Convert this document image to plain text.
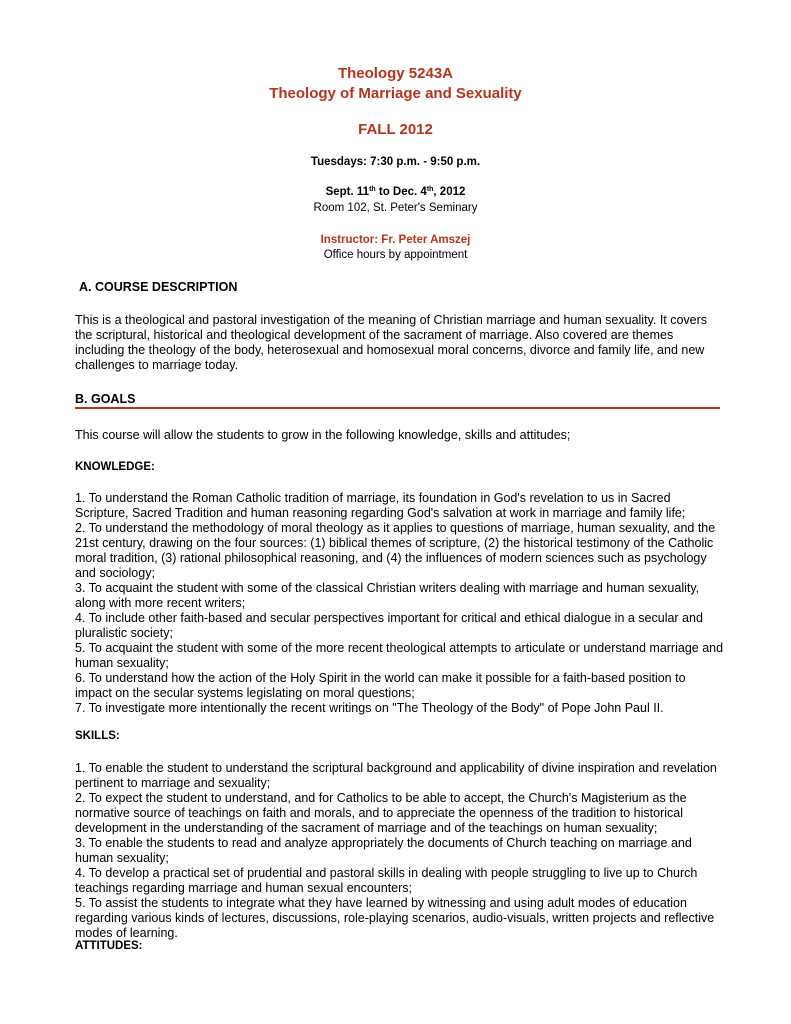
Theology 5243A
Theology of Marriage and Sexuality
FALL 2012
Tuesdays: 7:30 p.m. - 9:50 p.m.
Sept. 11th to Dec. 4th, 2012
Room 102, St. Peter's Seminary
Instructor: Fr. Peter Amszej
Office hours by appointment
A. COURSE DESCRIPTION
This is a theological and pastoral investigation of the meaning of Christian marriage and human sexuality. It covers the scriptural, historical and theological development of the sacrament of marriage. Also covered are themes including the theology of the body, heterosexual and homosexual moral concerns, divorce and family life, and new challenges to marriage today.
B. GOALS
This course will allow the students to grow in the following knowledge, skills and attitudes;
KNOWLEDGE:
1. To understand the Roman Catholic tradition of marriage, its foundation in God's revelation to us in Sacred Scripture, Sacred Tradition and human reasoning regarding God's salvation at work in marriage and family life;
2. To understand the methodology of moral theology as it applies to questions of marriage, human sexuality, and the 21st century, drawing on the four sources: (1) biblical themes of scripture, (2) the historical testimony of the Catholic moral tradition, (3) rational philosophical reasoning, and (4) the influences of modern sciences such as psychology and sociology;
3. To acquaint the student with some of the classical Christian writers dealing with marriage and human sexuality, along with more recent writers;
4. To include other faith-based and secular perspectives important for critical and ethical dialogue in a secular and pluralistic society;
5. To acquaint the student with some of the more recent theological attempts to articulate or understand marriage and human sexuality;
6. To understand how the action of the Holy Spirit in the world can make it possible for a faith-based position to impact on the secular systems legislating on moral questions;
7. To investigate more intentionally the recent writings on "The Theology of the Body" of Pope John Paul II.
SKILLS:
1. To enable the student to understand the scriptural background and applicability of divine inspiration and revelation pertinent to marriage and sexuality;
2. To expect the student to understand, and for Catholics to be able to accept, the Church's Magisterium as the normative source of teachings on faith and morals, and to appreciate the openness of the tradition to historical development in the understanding of the sacrament of marriage and of the teachings on human sexuality;
3. To enable the students to read and analyze appropriately the documents of Church teaching on marriage and human sexuality;
4. To develop a practical set of prudential and pastoral skills in dealing with people struggling to live up to Church teachings regarding marriage and human sexual encounters;
5. To assist the students to integrate what they have learned by witnessing and using adult modes of education regarding various kinds of lectures, discussions, role-playing scenarios, audio-visuals, written projects and reflective modes of learning.
ATTITUDES:
